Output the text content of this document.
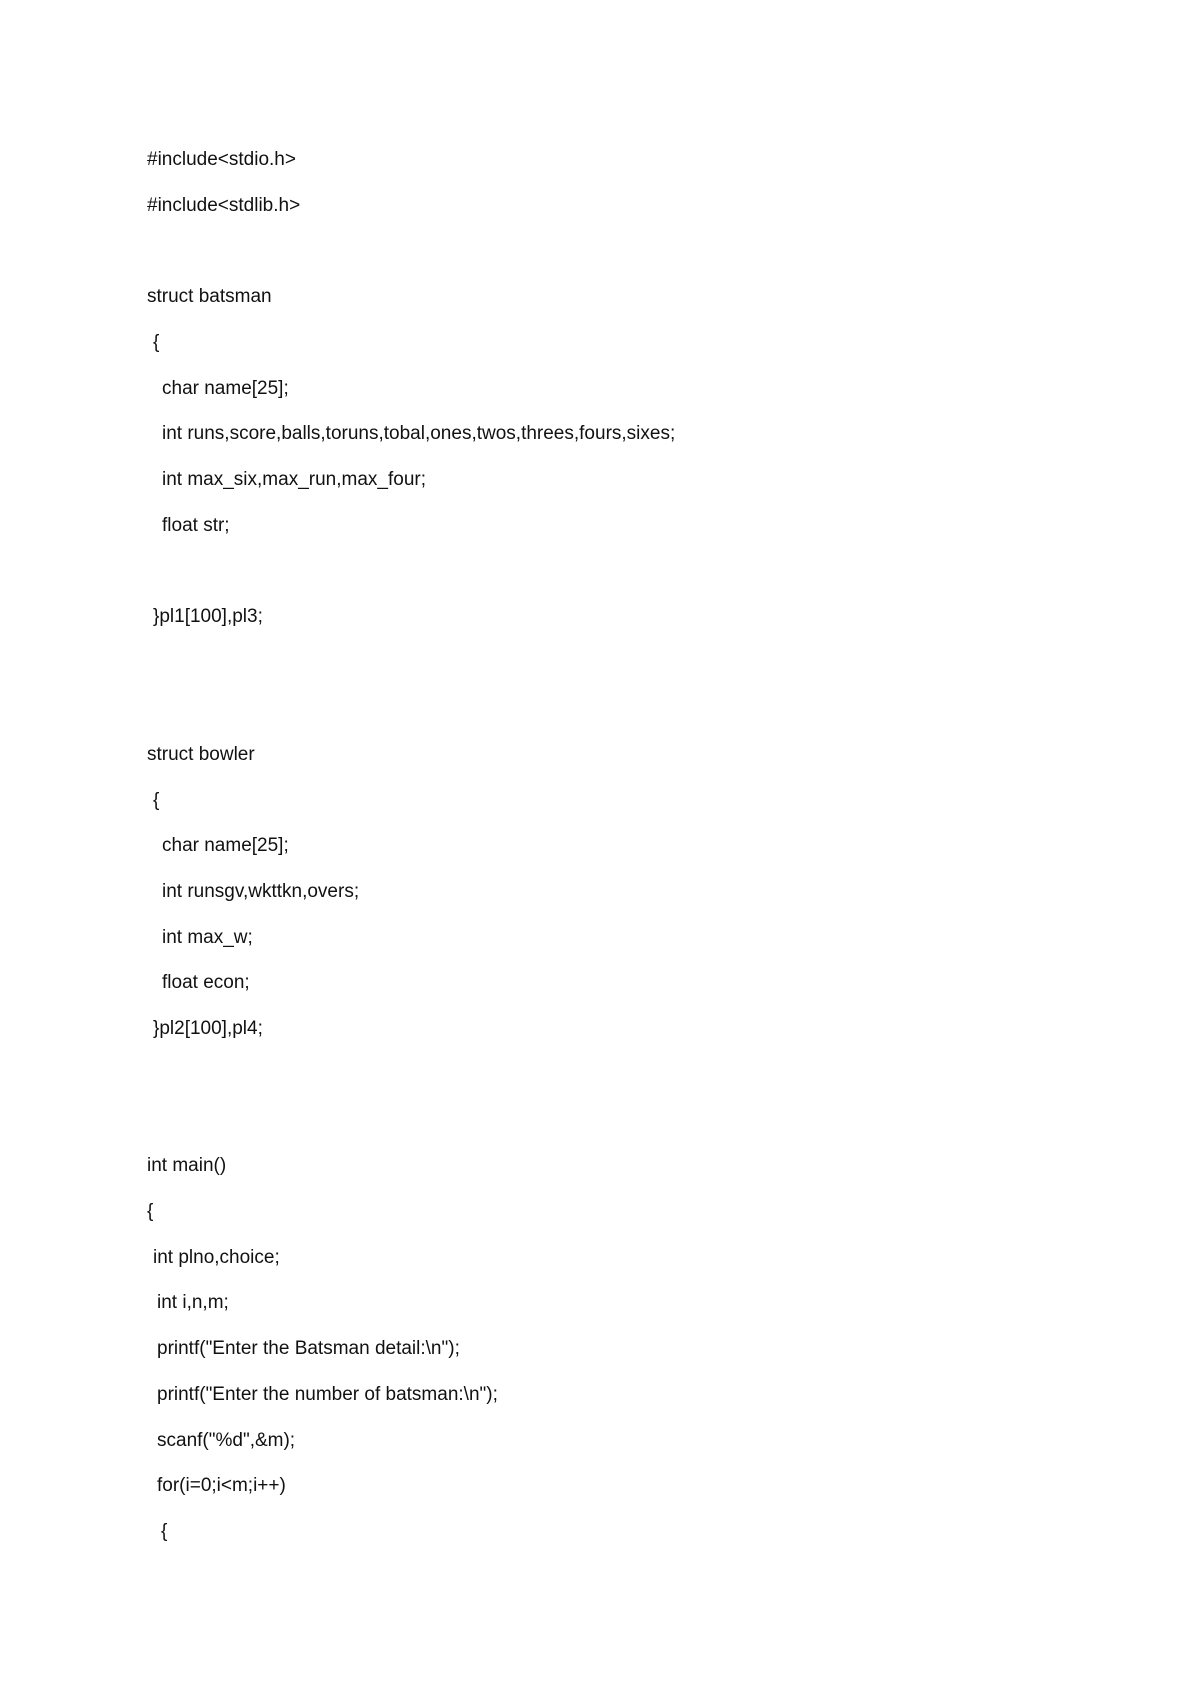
#include<stdio.h>
#include<stdlib.h>
struct batsman
{
char name[25];
int runs,score,balls,toruns,tobal,ones,twos,threes,fours,sixes;
int max_six,max_run,max_four;
float str;
}pl1[100],pl3;
struct bowler
{
char name[25];
int runsgv,wkttkn,overs;
int max_w;
float econ;
}pl2[100],pl4;
int main()
{
int plno,choice;
int i,n,m;
printf("Enter the Batsman detail:\n");
printf("Enter the number of batsman:\n");
scanf("%d",&m);
for(i=0;i<m;i++)
{
